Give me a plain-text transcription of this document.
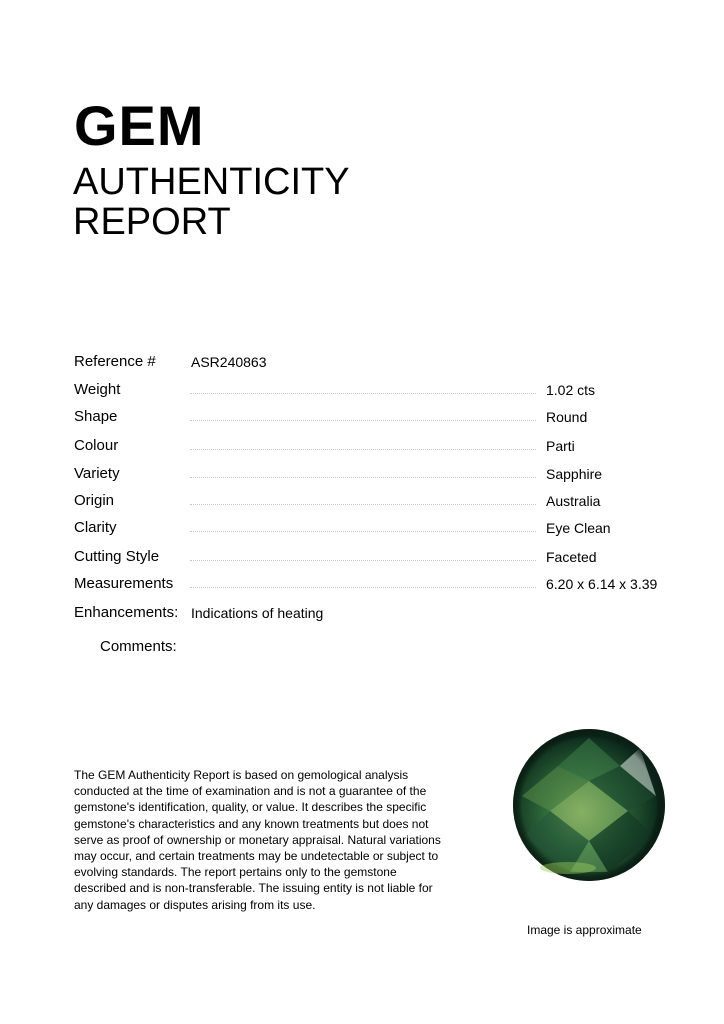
GEM
AUTHENTICITY
REPORT
Reference #	ASR240863
Weight	1.02 cts
Shape	Round
Colour	Parti
Variety	Sapphire
Origin	Australia
Clarity	Eye Clean
Cutting Style	Faceted
Measurements	6.20 x 6.14 x 3.39
Enhancements: Indications of heating
Comments:
The GEM Authenticity Report is based on gemological analysis conducted at the time of examination and is not a guarantee of the gemstone's identification, quality, or value. It describes the specific gemstone's characteristics and any known treatments but does not serve as proof of ownership or monetary appraisal. Natural variations may occur, and certain treatments may be undetectable or subject to evolving standards. The report pertains only to the gemstone described and is non-transferable. The issuing entity is not liable for any damages or disputes arising from its use.
Image is approximate
